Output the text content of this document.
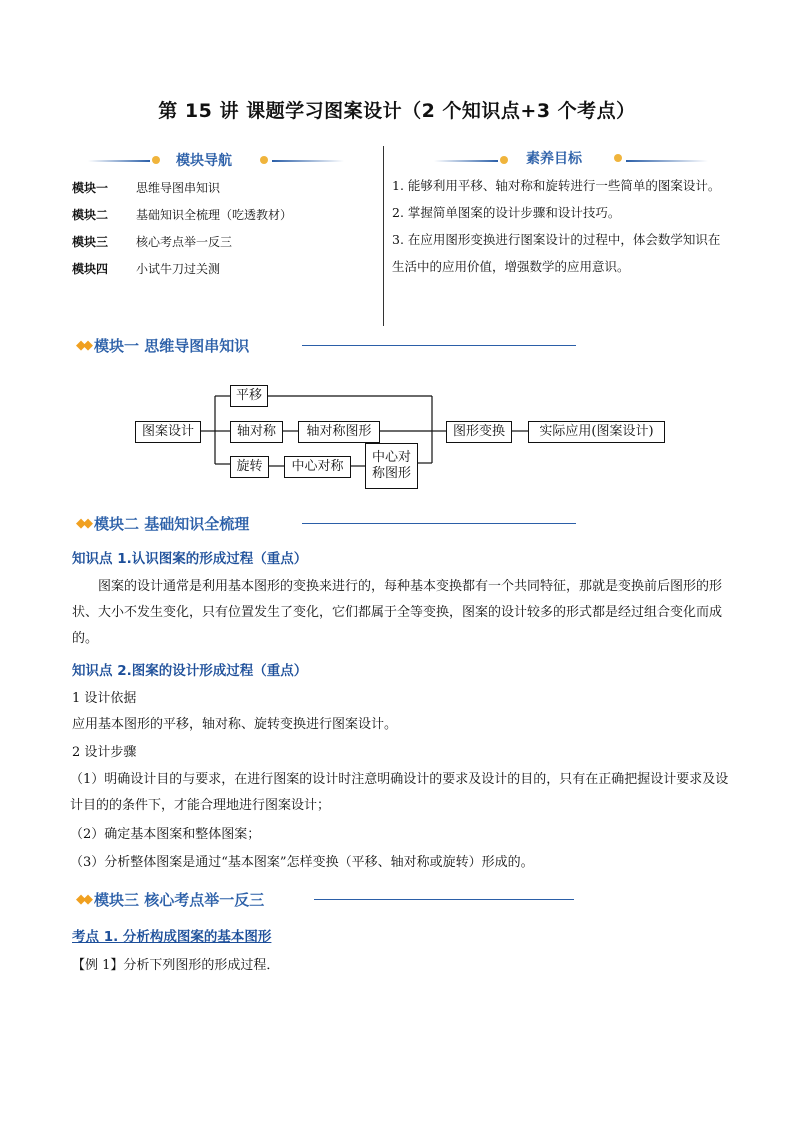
第 15 讲 课题学习图案设计（2 个知识点+3 个考点）
模块导航
模块一 思维导图串知识
模块二 基础知识全梳理（吃透教材）
模块三 核心考点举一反三
模块四 小试牛刀过关测
素养目标
1. 能够利用平移、轴对称和旋转进行一些简单的图案设计。
2. 掌握简单图案的设计步骤和设计技巧。
3. 在应用图形变换进行图案设计的过程中，体会数学知识在生活中的应用价值，增强数学的应用意识。
◆◆ 模块一 思维导图串知识
图案设计
平移
轴对称	轴对称图形
旋转	中心对称
中心对称图形
图形变换	实际应用(图案设计)
◆◆ 模块二 基础知识全梳理
知识点 1.认识图案的形成过程（重点）
图案的设计通常是利用基本图形的变换来进行的，每种基本变换都有一个共同特征，那就是变换前后图形的形状、大小不发生变化，只有位置发生了变化，它们都属于全等变换，图案的设计较多的形式都是经过组合变化而成的。
知识点 2.图案的设计形成过程（重点）
1 设计依据
应用基本图形的平移，轴对称、旋转变换进行图案设计。
2 设计步骤
（1）明确设计目的与要求，在进行图案的设计时注意明确设计的要求及设计的目的，只有在正确把握设计要求及设计目的的条件下，才能合理地进行图案设计；
（2）确定基本图案和整体图案；
（3）分析整体图案是通过“基本图案”怎样变换（平移、轴对称或旋转）形成的。
◆◆ 模块三 核心考点举一反三
考点 1. 分析构成图案的基本图形
【例 1】分析下列图形的形成过程．
